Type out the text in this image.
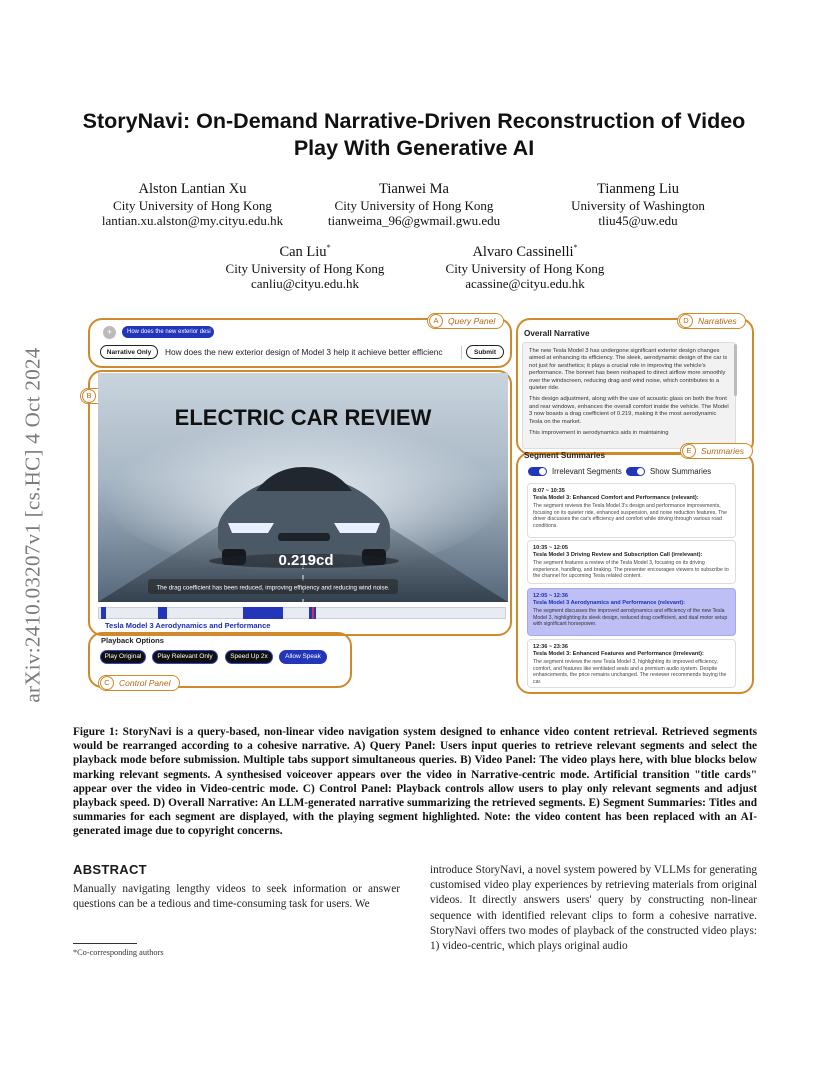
arXiv:2410.03207v1 [cs.HC] 4 Oct 2024
StoryNavi: On-Demand Narrative-Driven Reconstruction of Video Play With Generative AI
Alston Lantian Xu
City University of Hong Kong
lantian.xu.alston@my.cityu.edu.hk
Tianwei Ma
City University of Hong Kong
tianweima_96@gwmail.gwu.edu
Tianmeng Liu
University of Washington
tliu45@uw.edu
Can Liu*
City University of Hong Kong
canliu@cityu.edu.hk
Alvaro Cassinelli*
City University of Hong Kong
acassine@cityu.edu.hk
A	Query Panel
+	How does the new exterior desi
Narrative Only	How does the new exterior design of Model 3 help it achieve better efficienc	Submit
B
ELECTRIC CAR REVIEW
0.219cd
The drag coefficient has been reduced, improving efficiency and reducing wind noise.
Tesla Model 3 Aerodynamics and Performance
C	Control Panel
Playback Options
Play Original	Play Relevant Only	Speed Up 2x	Allow Speak
D	Narratives
Overall Narrative
The new Tesla Model 3 has undergone significant exterior design changes aimed at enhancing its efficiency. The sleek, aerodynamic design of the car is not just for aesthetics; it plays a crucial role in improving the vehicle's performance. The bonnet has been reshaped to direct airflow more smoothly over the windscreen, reducing drag and wind noise, which contributes to a quieter ride.
This design adjustment, along with the use of acoustic glass on both the front and rear windows, enhances the overall comfort inside the vehicle. The Model 3 now boasts a drag coefficient of 0.219, making it the most aerodynamic Tesla on the market.
This improvement in aerodynamics aids in maintaining
E	Summaries
Segment Summaries
Irrelevant Segments	Show Summaries
8:07 ~ 10:35
Tesla Model 3: Enhanced Comfort and Performance (relevant):
The segment reviews the Tesla Model 3's design and performance improvements, focusing on its quieter ride, enhanced suspension, and noise reduction features. The driver discusses the car's efficiency and comfort while driving through various road conditions.
10:35 ~ 12:05
Tesla Model 3 Driving Review and Subscription Call (irrelevant):
The segment features a review of the Tesla Model 3, focusing on its driving experience, handling, and braking. The presenter encourages viewers to subscribe to the channel for upcoming Tesla related content.
12:05 ~ 12:36
Tesla Model 3 Aerodynamics and Performance (relevant):
The segment discusses the improved aerodynamics and efficiency of the new Tesla Model 3, highlighting its sleek design, reduced drag coefficient, and dual motor setup with significant horsepower.
12:36 ~ 23:36
Tesla Model 3: Enhanced Features and Performance (irrelevant):
The segment reviews the new Tesla Model 3, highlighting its improved efficiency, comfort, and features like ventilated seats and a premium audio system. Despite enhancements, the price remains unchanged. The reviewer recommends buying the car.
Figure 1: StoryNavi is a query-based, non-linear video navigation system designed to enhance video content retrieval. Retrieved segments would be rearranged according to a cohesive narrative. A) Query Panel: Users input queries to retrieve relevant segments and select the playback mode before submission. Multiple tabs support simultaneous queries. B) Video Panel: The video plays here, with blue blocks below marking relevant segments. A synthesised voiceover appears over the video in Narrative-centric mode. Artificial transition "title cards" appear over the video in Video-centric mode. C) Control Panel: Playback controls allow users to play only relevant segments and adjust playback speed. D) Overall Narrative: An LLM-generated narrative summarizing the retrieved segments. E) Segment Summaries: Titles and summaries for each segment are displayed, with the playing segment highlighted. Note: the video content has been replaced with an AI-generated image due to copyright concerns.
ABSTRACT
Manually navigating lengthy videos to seek information or answer questions can be a tedious and time-consuming task for users. We
introduce StoryNavi, a novel system powered by VLLMs for generating customised video play experiences by retrieving materials from original videos. It directly answers users' query by constructing non-linear sequence with identified relevant clips to form a cohesive narrative. StoryNavi offers two modes of playback of the constructed video plays: 1) video-centric, which plays original audio
*Co-corresponding authors
